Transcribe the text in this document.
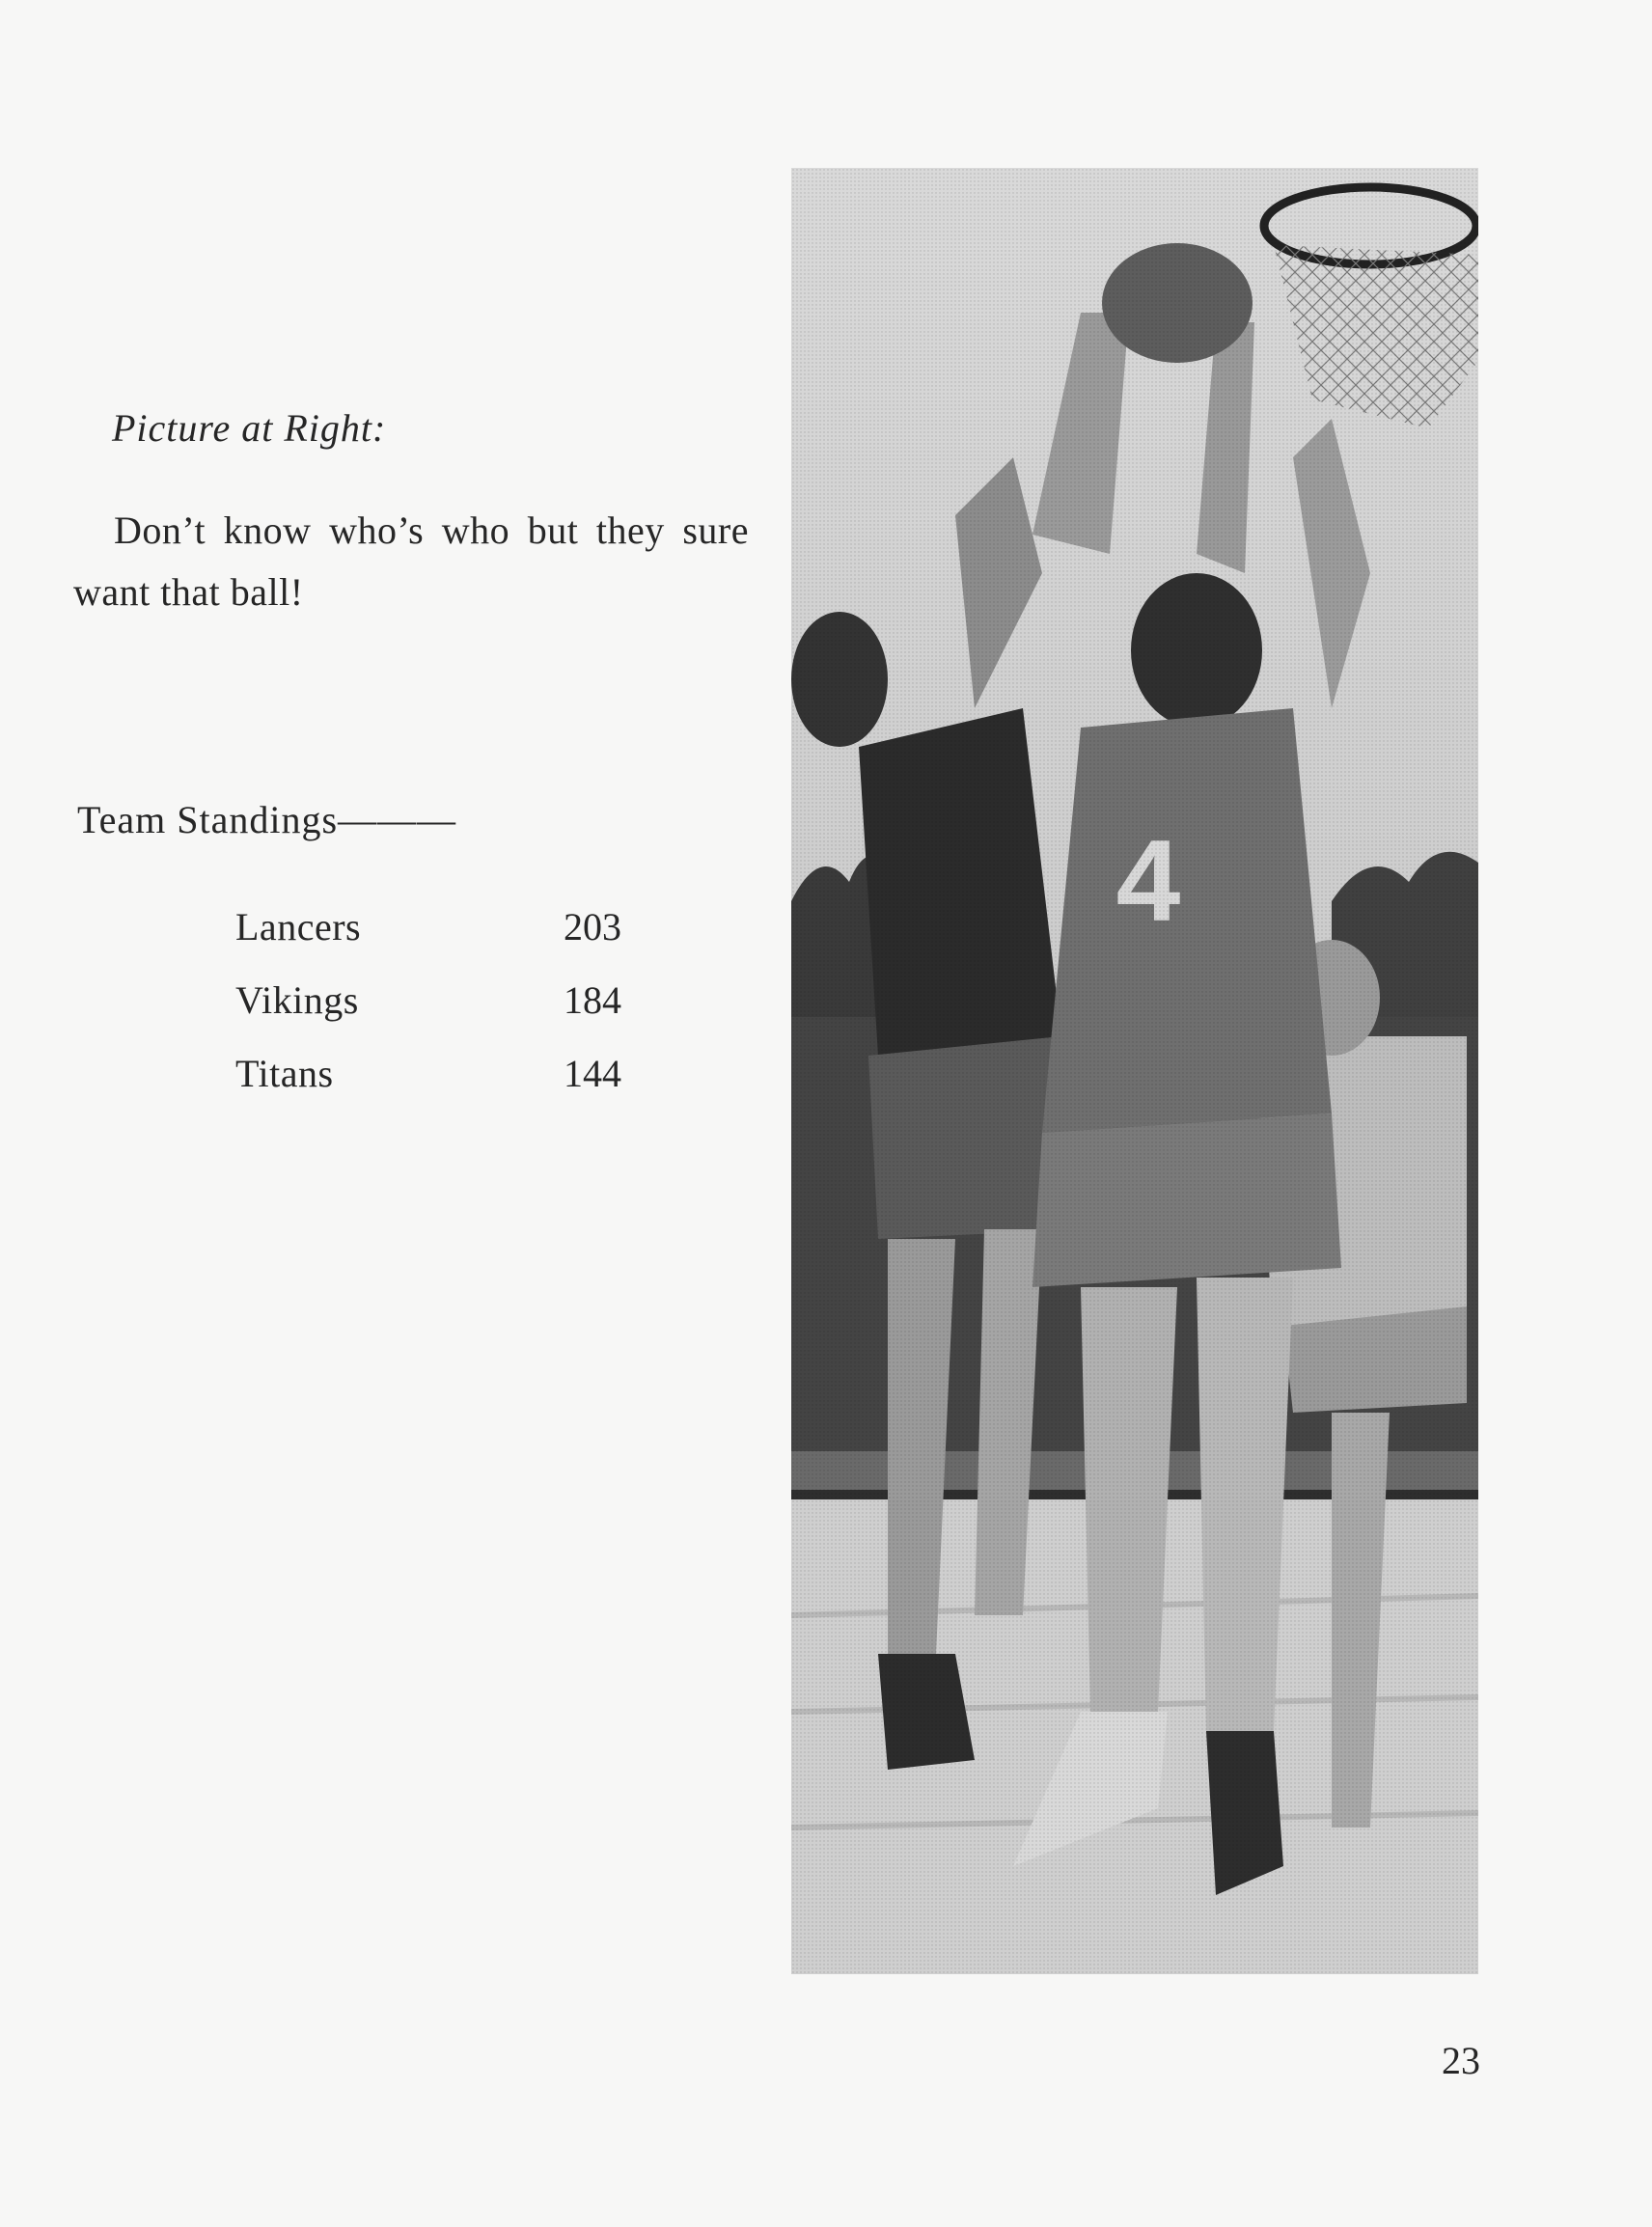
Picture at Right:
Don’t know who’s who but they sure want that ball!
Team Standings———
Lancers	203
Vikings	184
Titans	144
23
